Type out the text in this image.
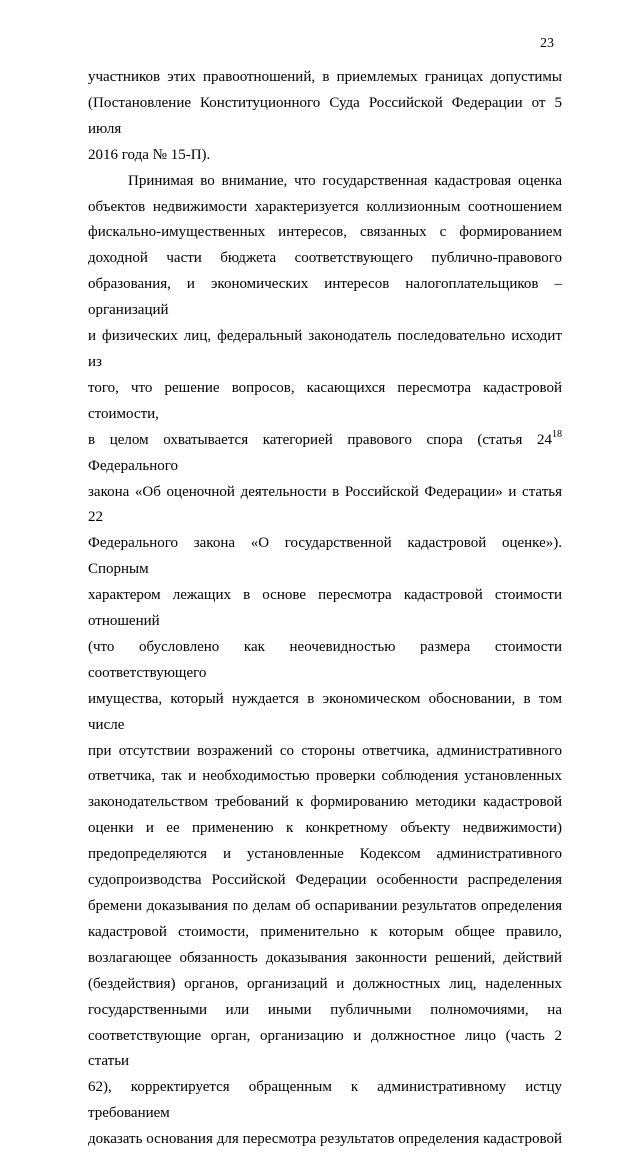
23
участников этих правоотношений, в приемлемых границах допустимы
(Постановление Конституционного Суда Российской Федерации от 5 июля
2016 года № 15-П).
Принимая во внимание, что государственная кадастровая оценка
объектов недвижимости характеризуется коллизионным соотношением
фискально-имущественных интересов, связанных с формированием
доходной части бюджета соответствующего публично-правового
образования, и экономических интересов налогоплательщиков – организаций
и физических лиц, федеральный законодатель последовательно исходит из
того, что решение вопросов, касающихся пересмотра кадастровой стоимости,
в целом охватывается категорией правового спора (статья $24^{18}$ Федерального
закона «Об оценочной деятельности в Российской Федерации» и статья 22
Федерального закона «О государственной кадастровой оценке»). Спорным
характером лежащих в основе пересмотра кадастровой стоимости отношений
(что обусловлено как неочевидностью размера стоимости соответствующего
имущества, который нуждается в экономическом обосновании, в том числе
при отсутствии возражений со стороны ответчика, административного
ответчика, так и необходимостью проверки соблюдения установленных
законодательством требований к формированию методики кадастровой
оценки и ее применению к конкретному объекту недвижимости)
предопределяются и установленные Кодексом административного
судопроизводства Российской Федерации особенности распределения
бремени доказывания по делам об оспаривании результатов определения
кадастровой стоимости, применительно к которым общее правило,
возлагающее обязанность доказывания законности решений, действий
(бездействия) органов, организаций и должностных лиц, наделенных
государственными или иными публичными полномочиями, на
соответствующие орган, организацию и должностное лицо (часть 2 статьи
62), корректируется обращенным к административному истцу требованием
доказать основания для пересмотра результатов определения кадастровой
